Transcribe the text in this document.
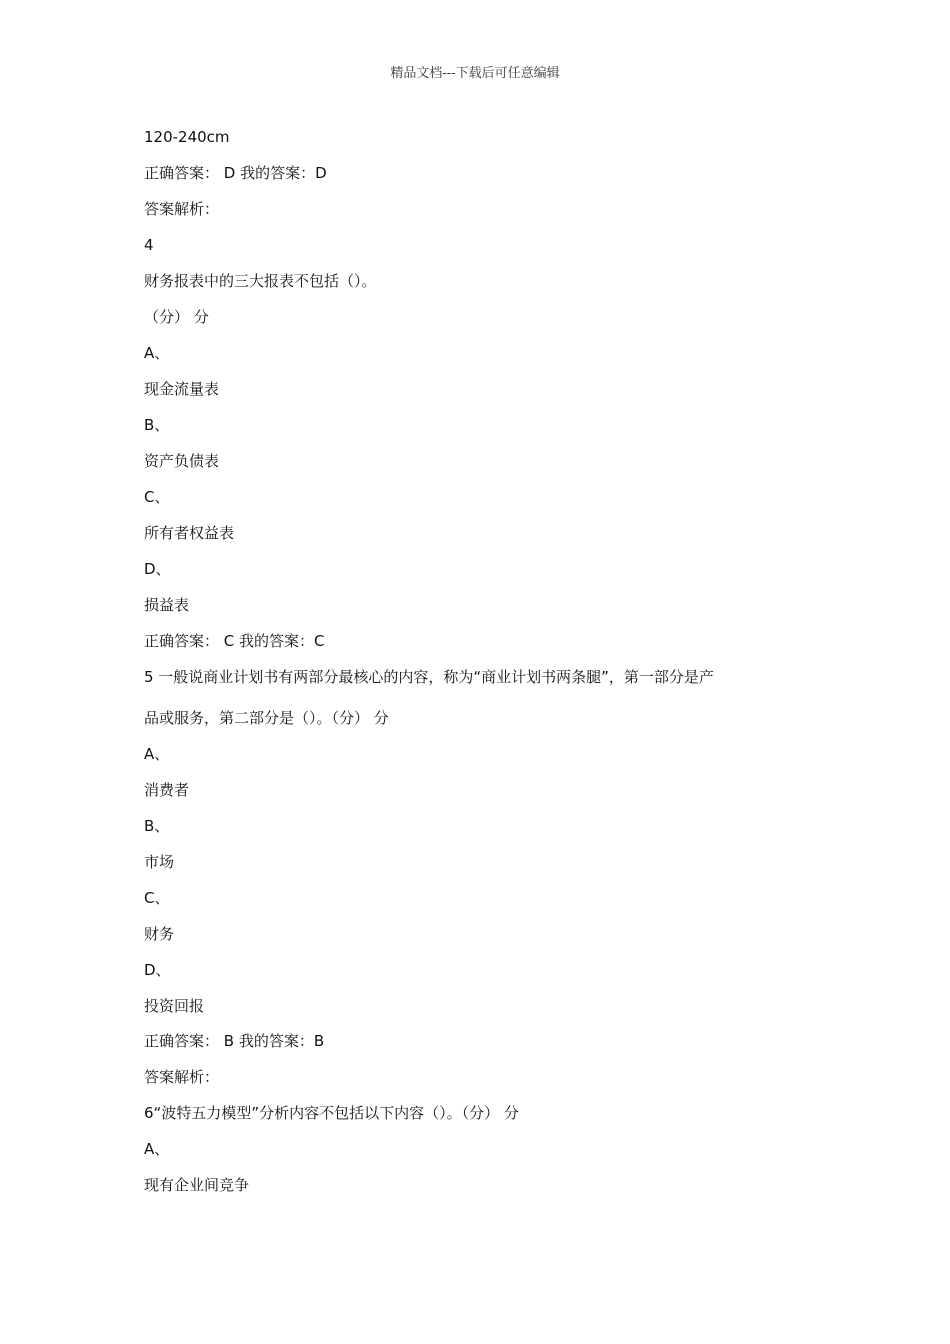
精品文档---下载后可任意编辑
120-240cm
正确答案： D 我的答案：D
答案解析：
4
财务报表中的三大报表不包括（）。
（分） 分
A、
现金流量表
B、
资产负债表
C、
所有者权益表
D、
损益表
正确答案： C 我的答案：C
5 一般说商业计划书有两部分最核心的内容，称为“商业计划书两条腿”，第一部分是产
品或服务，第二部分是（）。（分） 分
A、
消费者
B、
市场
C、
财务
D、
投资回报
正确答案： B 我的答案：B
答案解析：
6“波特五力模型”分析内容不包括以下内容（）。（分） 分
A、
现有企业间竞争
